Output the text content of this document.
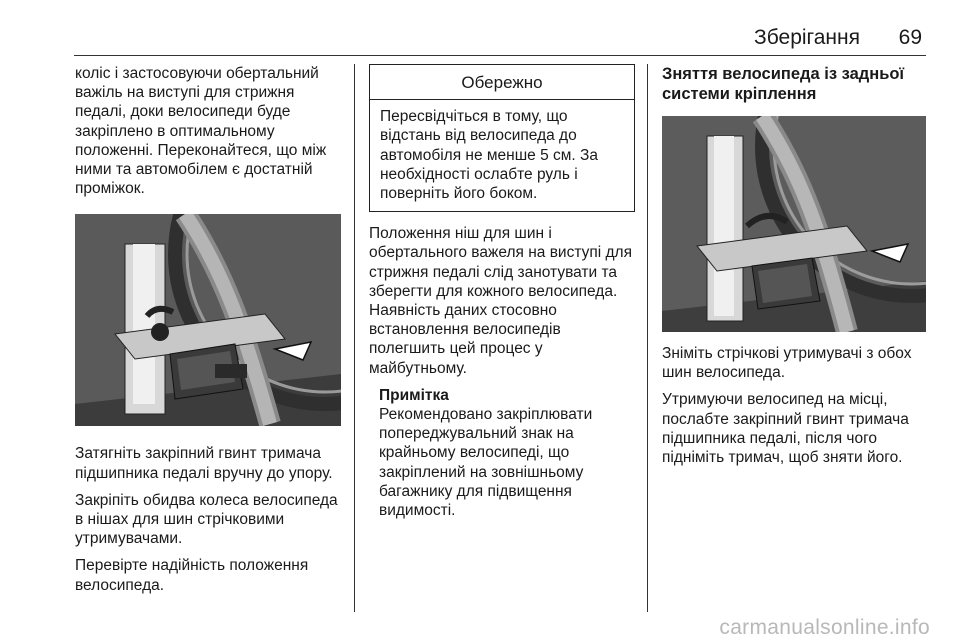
Зберігання 69

коліс і застосовуючи обертальний важіль на виступі для стрижня педалі, доки велосипеди буде закріплено в оптимальному положенні. Переконайтеся, що між ними та автомобілем є достатній проміжок.

Затягніть закріпний гвинт тримача підшипника педалі вручну до упору.

Закріпіть обидва колеса велосипеда в нішах для шин стрічковими утримувачами.

Перевірте надійність положення велосипеда.

Обережно
Пересвідчіться в тому, що відстань від велосипеда до автомобіля не менше 5 см. За необхідності ослабте руль і поверніть його боком.

Положення ніш для шин і обертального важеля на виступі для стрижня педалі слід занотувати та зберегти для кожного велосипеда. Наявність даних стосовно встановлення велосипедів полегшить цей процес у майбутньому.

Примітка
Рекомендовано закріплювати попереджувальний знак на крайньому велосипеді, що закріплений на зовнішньому багажнику для підвищення видимості.
Зняття велосипеда із задньої системи кріплення

Зніміть стрічкові утримувачі з обох шин велосипеда.

Утримуючи велосипед на місці, послабте закріпний гвинт тримача підшипника педалі, після чого підніміть тримач, щоб зняти його.

carmanualsonline.info
